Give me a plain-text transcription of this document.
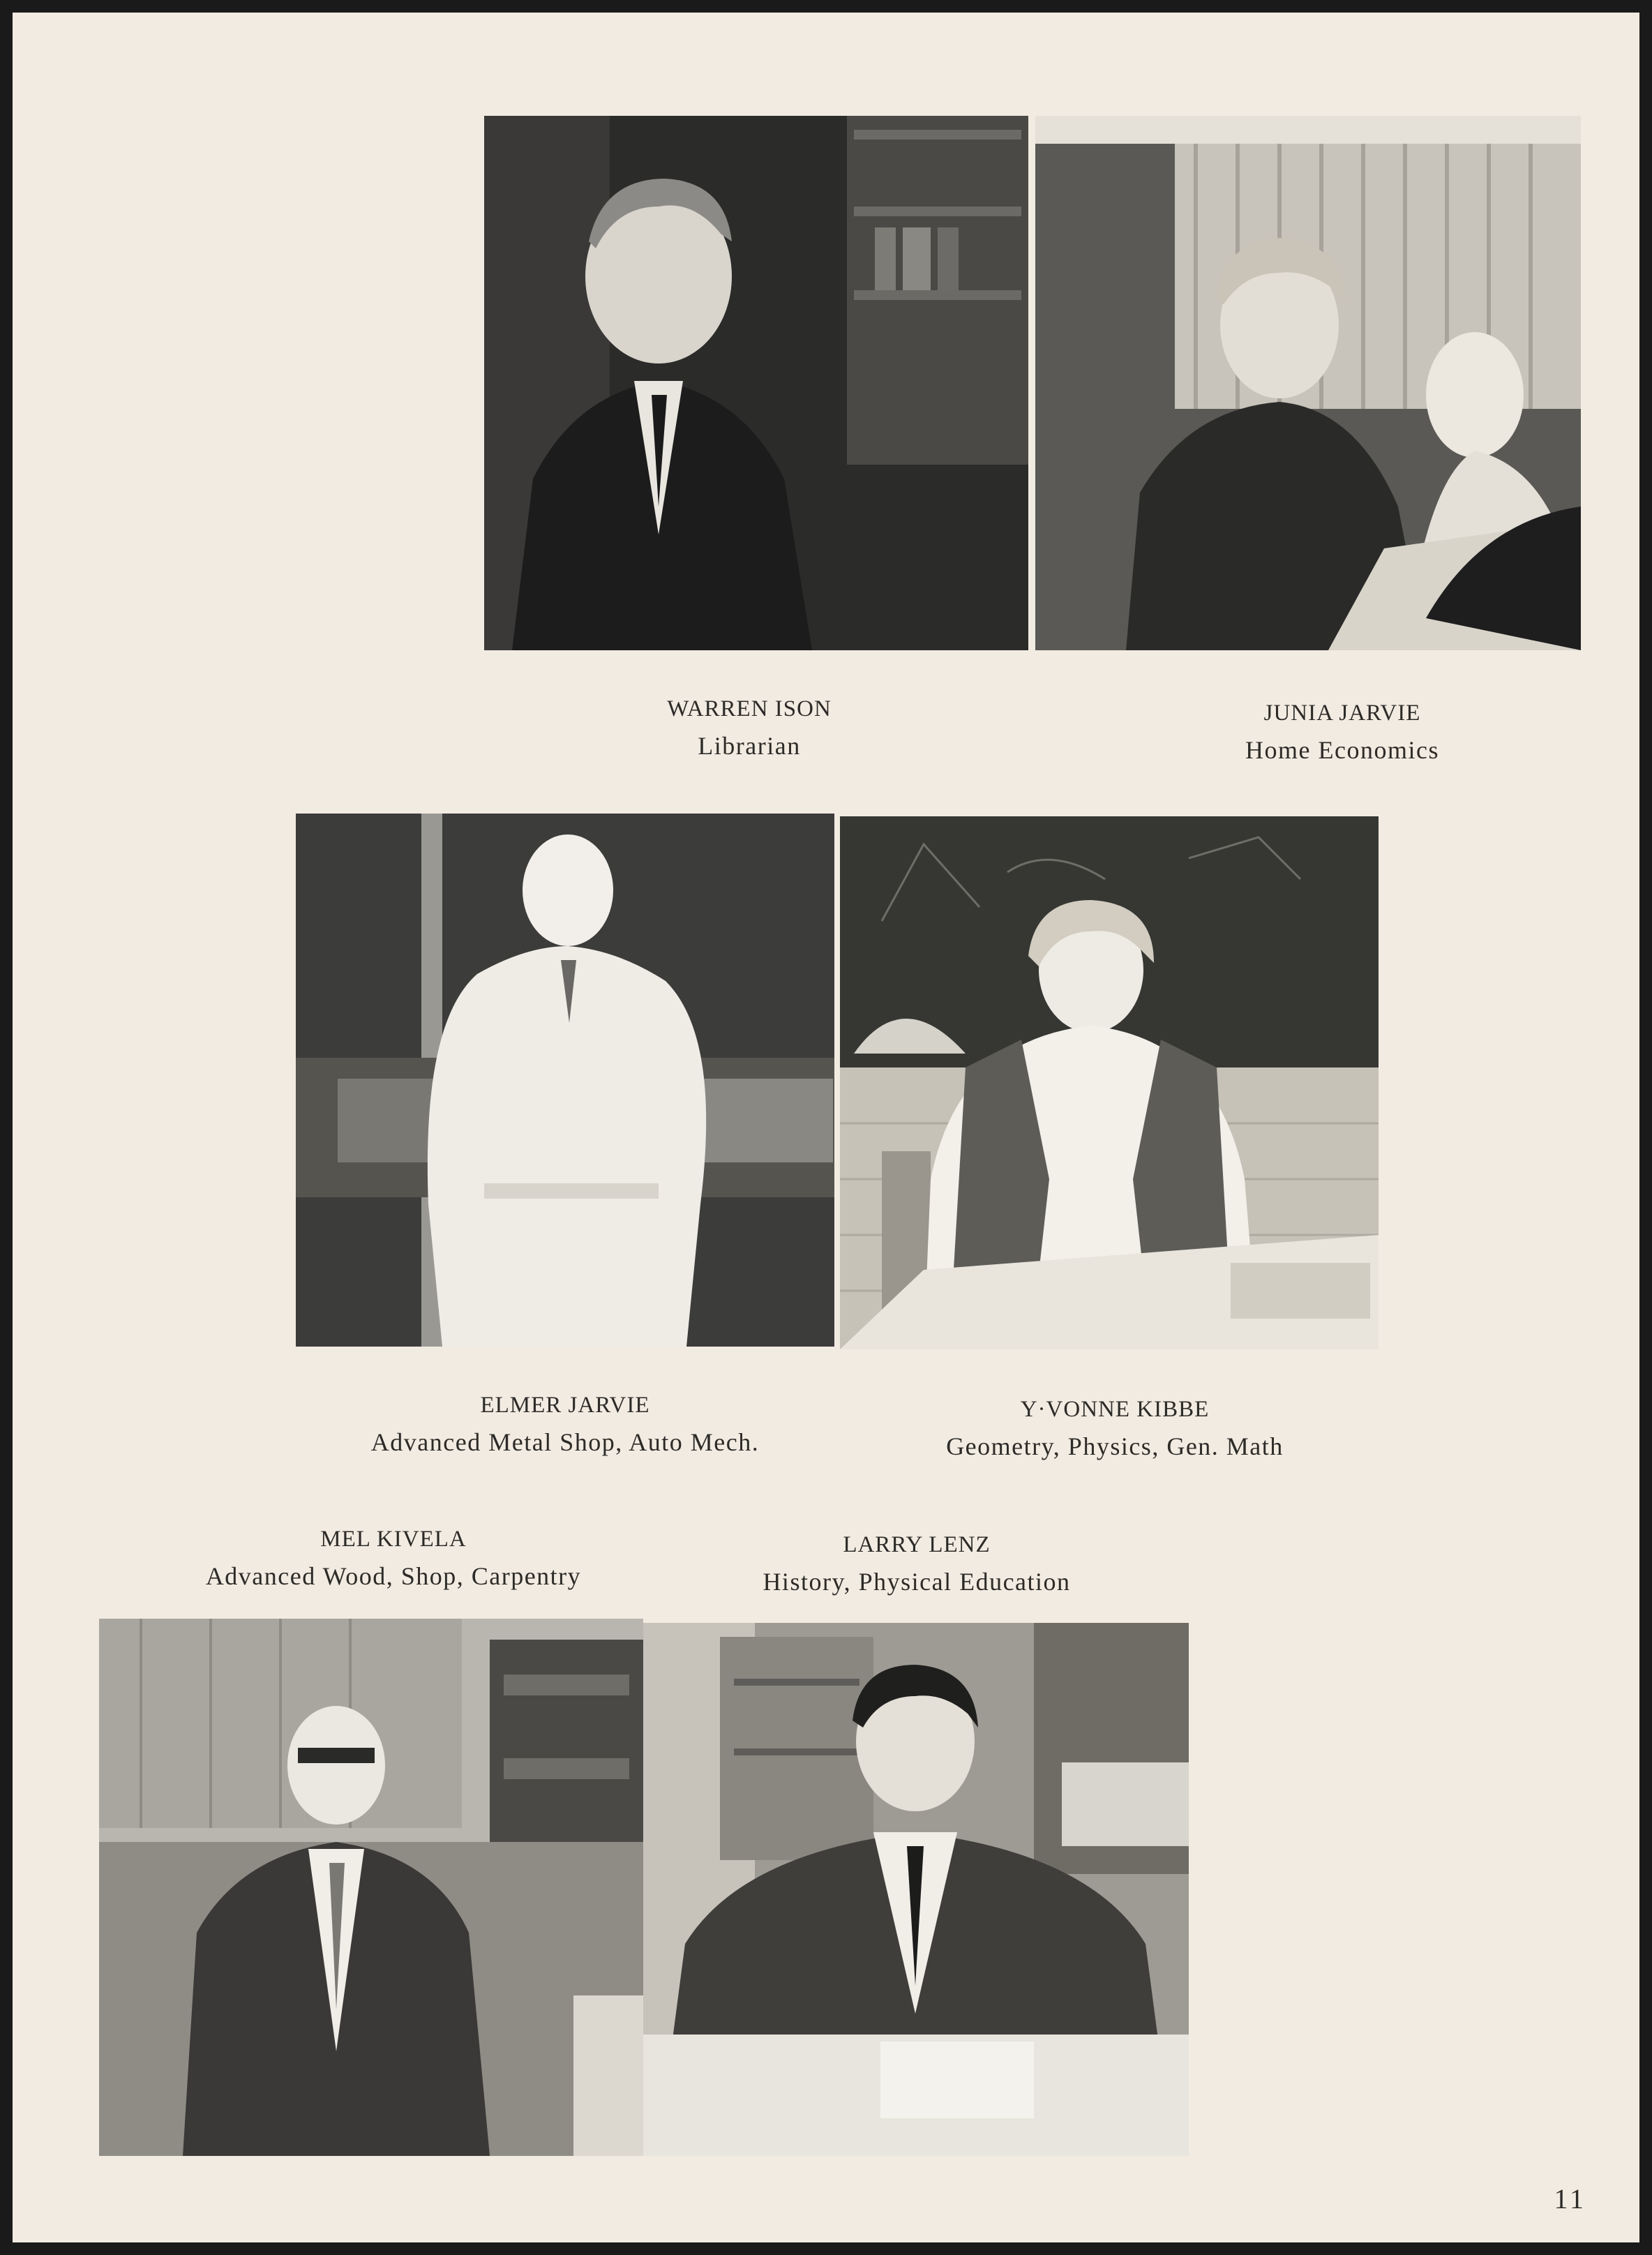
WARREN ISON
Librarian
JUNIA JARVIE
Home Economics
ELMER JARVIE
Advanced Metal Shop, Auto Mech.
Y·VONNE KIBBE
Geometry, Physics, Gen. Math
MEL KIVELA
Advanced Wood, Shop, Carpentry
LARRY LENZ
History, Physical Education
11
